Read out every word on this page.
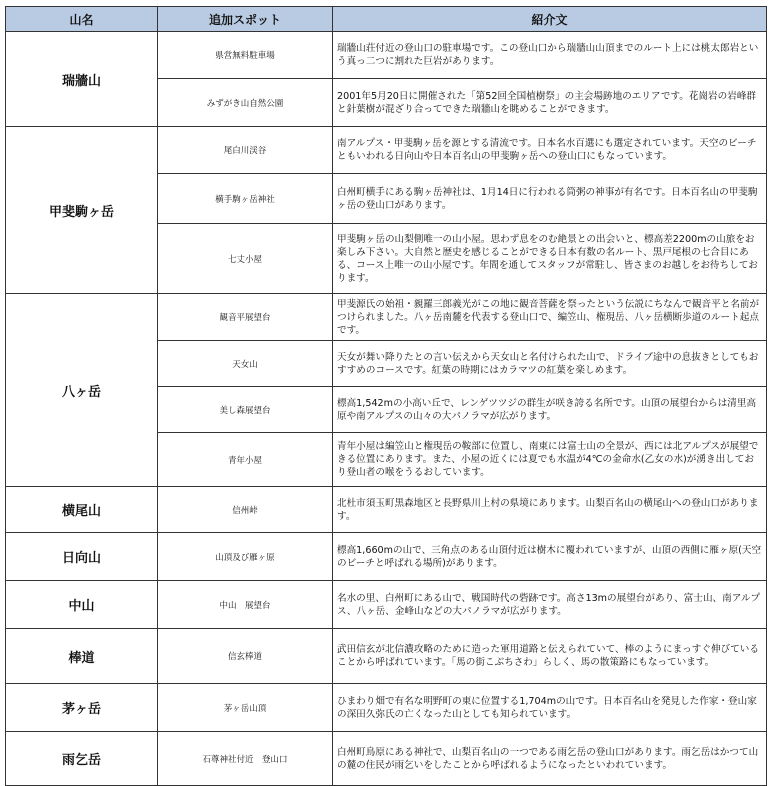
山名	追加スポット	紹介文
瑞牆山	県営無料駐車場	瑞牆山荘付近の登山口の駐車場です。この登山口から瑞牆山山頂までのルート上には桃太郎岩という真っ二つに割れた巨岩があります。
	みずがき山自然公園	2001年5月20日に開催された「第52回全国植樹祭」の主会場跡地のエリアです。花崗岩の岩峰群と針葉樹が混ざり合ってできた瑞牆山を眺めることができます。
甲斐駒ヶ岳	尾白川渓谷	南アルプス・甲斐駒ヶ岳を源とする清流です。日本名水百選にも選定されています。天空のビーチともいわれる日向山や日本百名山の甲斐駒ヶ岳への登山口にもなっています。
	横手駒ヶ岳神社	白州町横手にある駒ヶ岳神社は、1月14日に行われる筒粥の神事が有名です。日本百名山の甲斐駒ヶ岳の登山口があります。
	七丈小屋	甲斐駒ヶ岳の山梨側唯一の山小屋。思わず息をのむ絶景との出会いと、標高差2200mの山旅をお楽しみ下さい。大自然と歴史を感じることができる日本有数の名ルート、黒戸尾根の七合目にある、コース上唯一の山小屋です。年間を通してスタッフが常駐し、皆さまのお越しをお待ちしております。
八ヶ岳	観音平展望台	甲斐源氏の始祖・親羅三郎義光がこの地に観音菩薩を祭ったという伝説にちなんで観音平と名前がつけられました。八ヶ岳南麓を代表する登山口で、編笠山、権現岳、八ヶ岳横断歩道のルート起点です。
	天女山	天女が舞い降りたとの言い伝えから天女山と名付けられた山で、ドライブ途中の息抜きとしてもおすすめのコースです。紅葉の時期にはカラマツの紅葉を楽しめます。
	美し森展望台	標高1,542mの小高い丘で、レンゲツツジの群生が咲き誇る名所です。山頂の展望台からは清里高原や南アルプスの山々の大パノラマが広がります。
	青年小屋	青年小屋は編笠山と権現岳の鞍部に位置し、南東には富士山の全景が、西には北アルプスが展望できる位置にあります。また、小屋の近くには夏でも水温が4℃の金命水(乙女の水)が湧き出しており登山者の喉をうるおしています。
横尾山	信州峠	北杜市須玉町黒森地区と長野県川上村の県境にあります。山梨百名山の横尾山への登山口があります。
日向山	山頂及び雁ヶ原	標高1,660mの山で、三角点のある山頂付近は樹木に覆われていますが、山頂の西側に雁ヶ原(天空のビーチと呼ばれる場所)があります。
中山	中山　展望台	名水の里、白州町にある山で、戦国時代の砦跡です。高さ13mの展望台があり、富士山、南アルプス、八ヶ岳、金峰山などの大パノラマが広がります。
棒道	信玄棒道	武田信玄が北信濃攻略のために造った軍用道路と伝えられていて、棒のようにまっすぐ伸びていることから呼ばれています。「馬の街こぶちさわ」らしく、馬の散策路にもなっています。
茅ヶ岳	茅ヶ岳山頂	ひまわり畑で有名な明野町の東に位置する1,704mの山です。日本百名山を発見した作家・登山家の深田久弥氏の亡くなった山としても知られています。
雨乞岳	石尊神社付近　登山口	白州町鳥原にある神社で、山梨百名山の一つである雨乞岳の登山口があります。雨乞岳はかつて山の麓の住民が雨乞いをしたことから呼ばれるようになったといわれています。
